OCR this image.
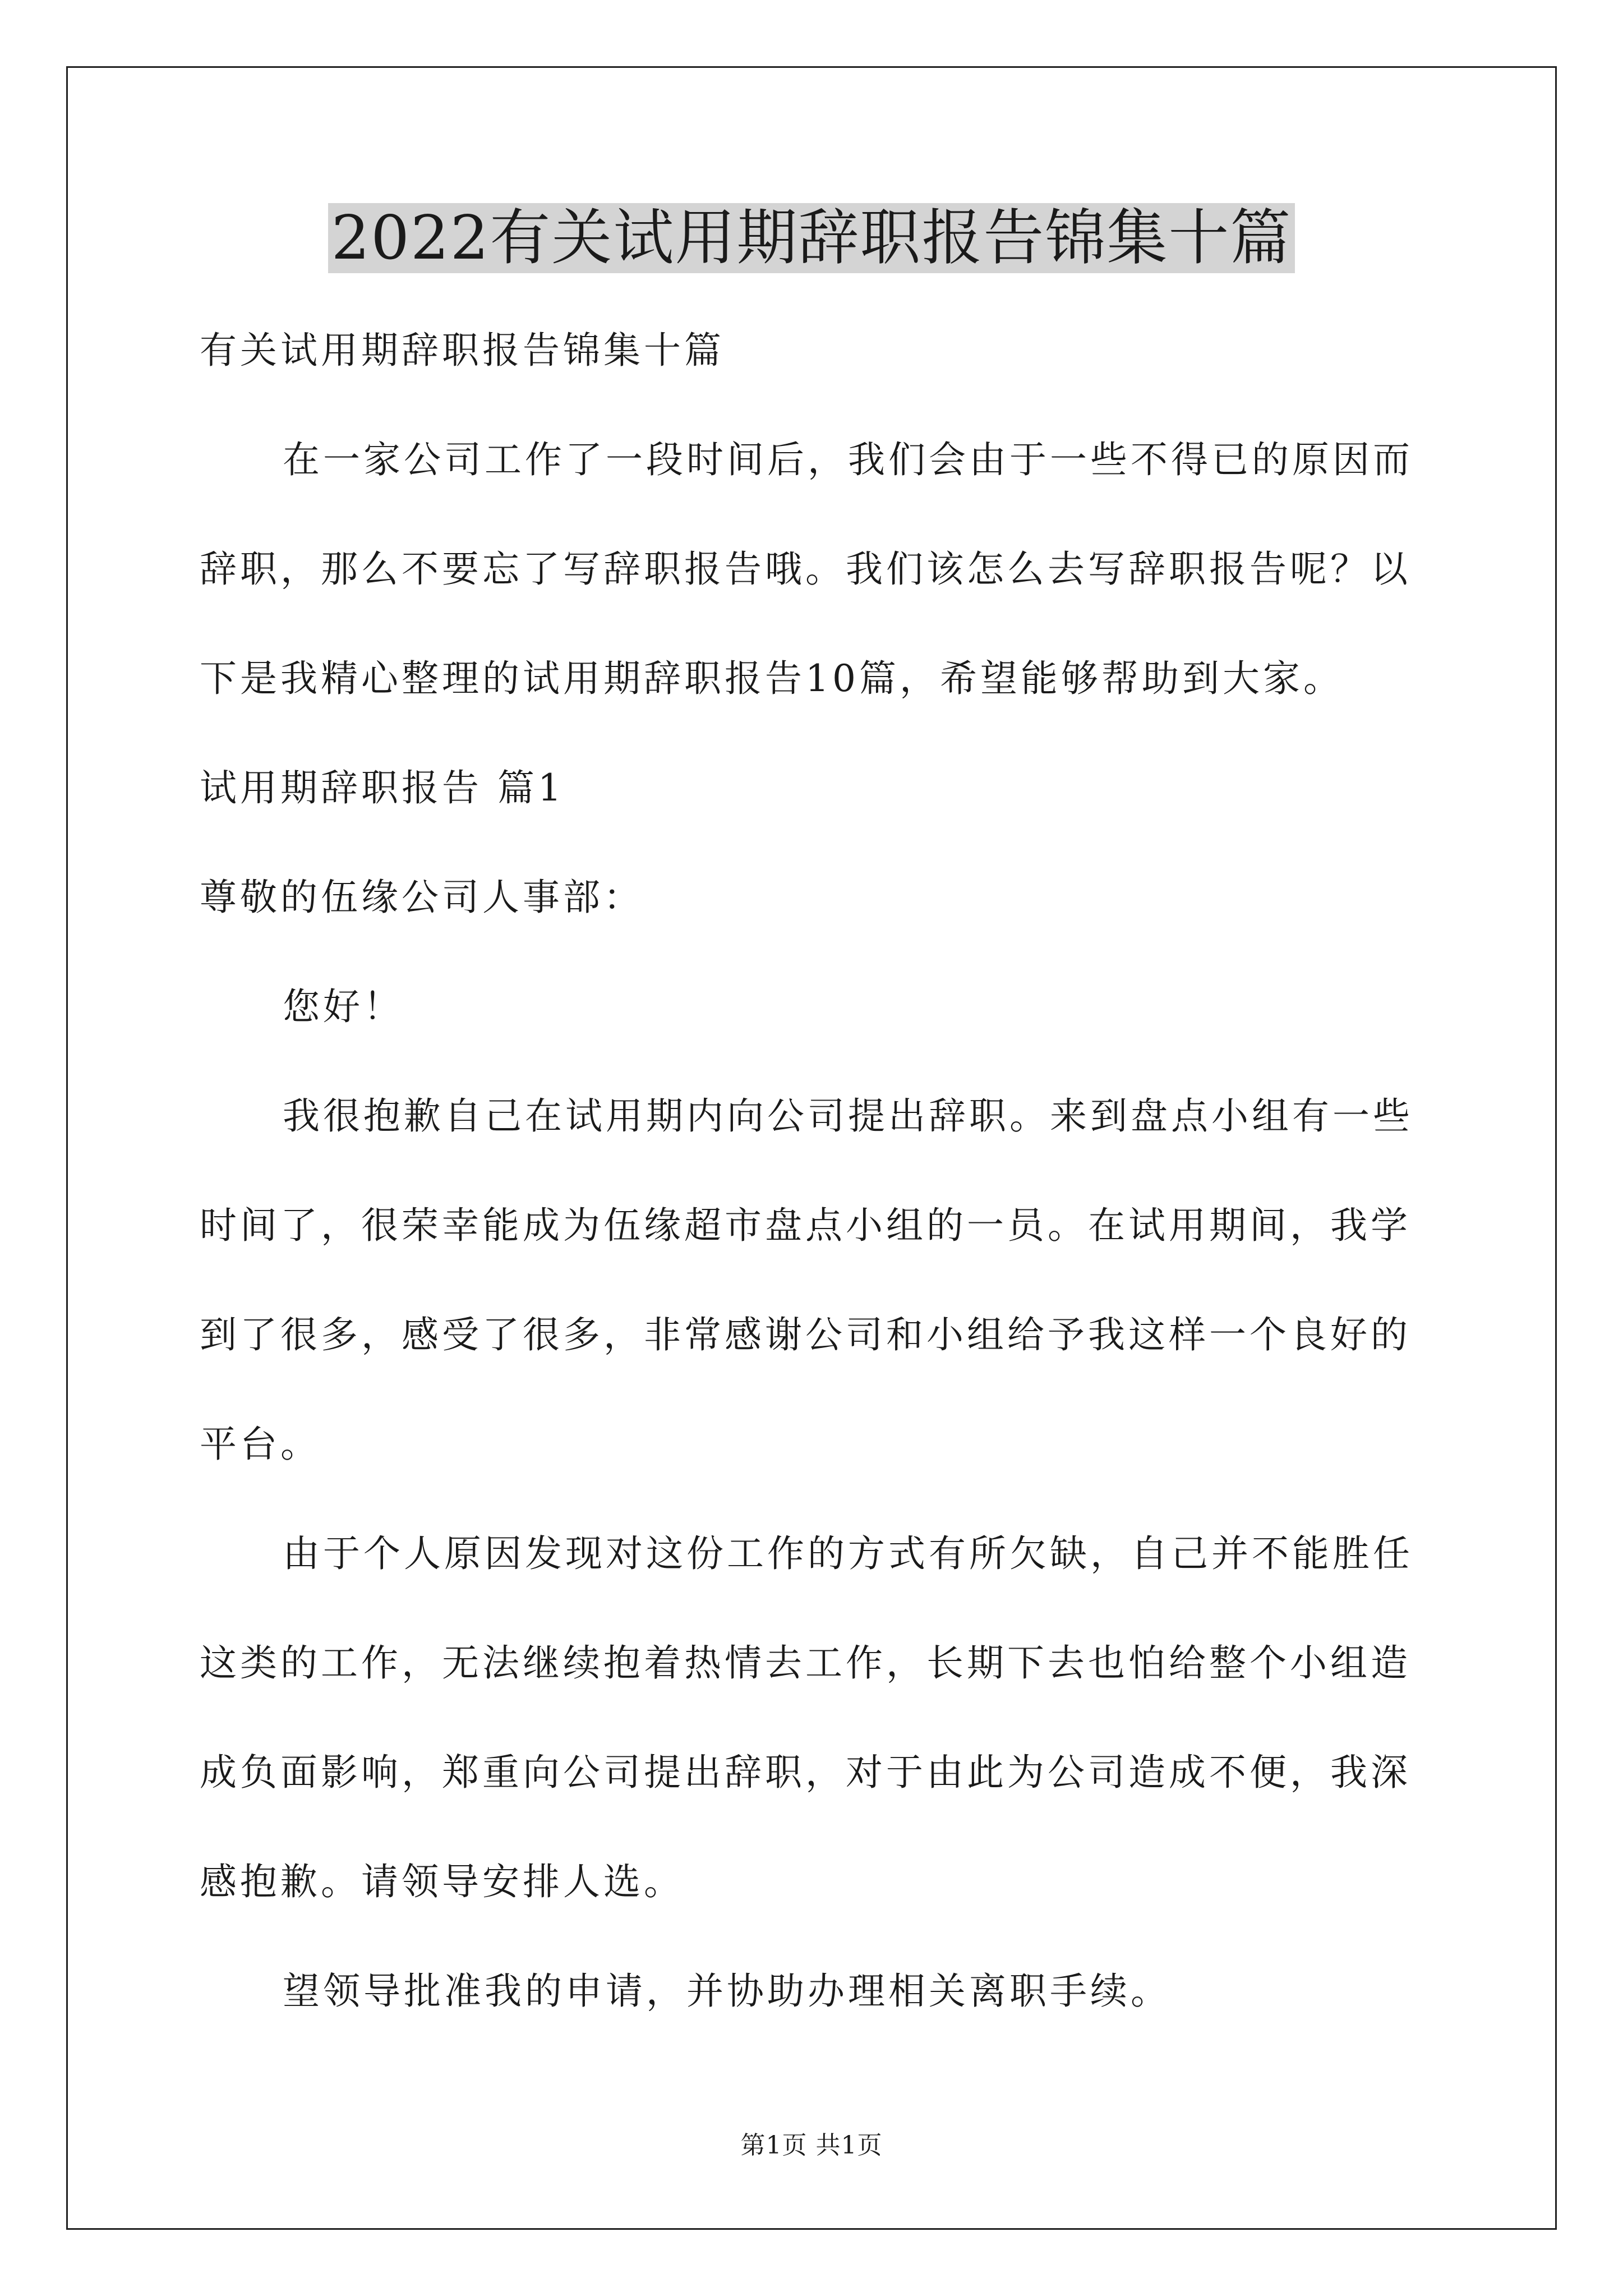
2022有关试用期辞职报告锦集十篇
有关试用期辞职报告锦集十篇
在一家公司工作了一段时间后，我们会由于一些不得已的原因而
辞职，那么不要忘了写辞职报告哦。我们该怎么去写辞职报告呢？以
下是我精心整理的试用期辞职报告10篇，希望能够帮助到大家。
试用期辞职报告 篇1
尊敬的伍缘公司人事部：
您好！
我很抱歉自己在试用期内向公司提出辞职。来到盘点小组有一些
时间了，很荣幸能成为伍缘超市盘点小组的一员。在试用期间，我学
到了很多，感受了很多，非常感谢公司和小组给予我这样一个良好的
平台。
由于个人原因发现对这份工作的方式有所欠缺，自己并不能胜任
这类的工作，无法继续抱着热情去工作，长期下去也怕给整个小组造
成负面影响，郑重向公司提出辞职，对于由此为公司造成不便，我深
感抱歉。请领导安排人选。
望领导批准我的申请，并协助办理相关离职手续。
第1页 共1页
